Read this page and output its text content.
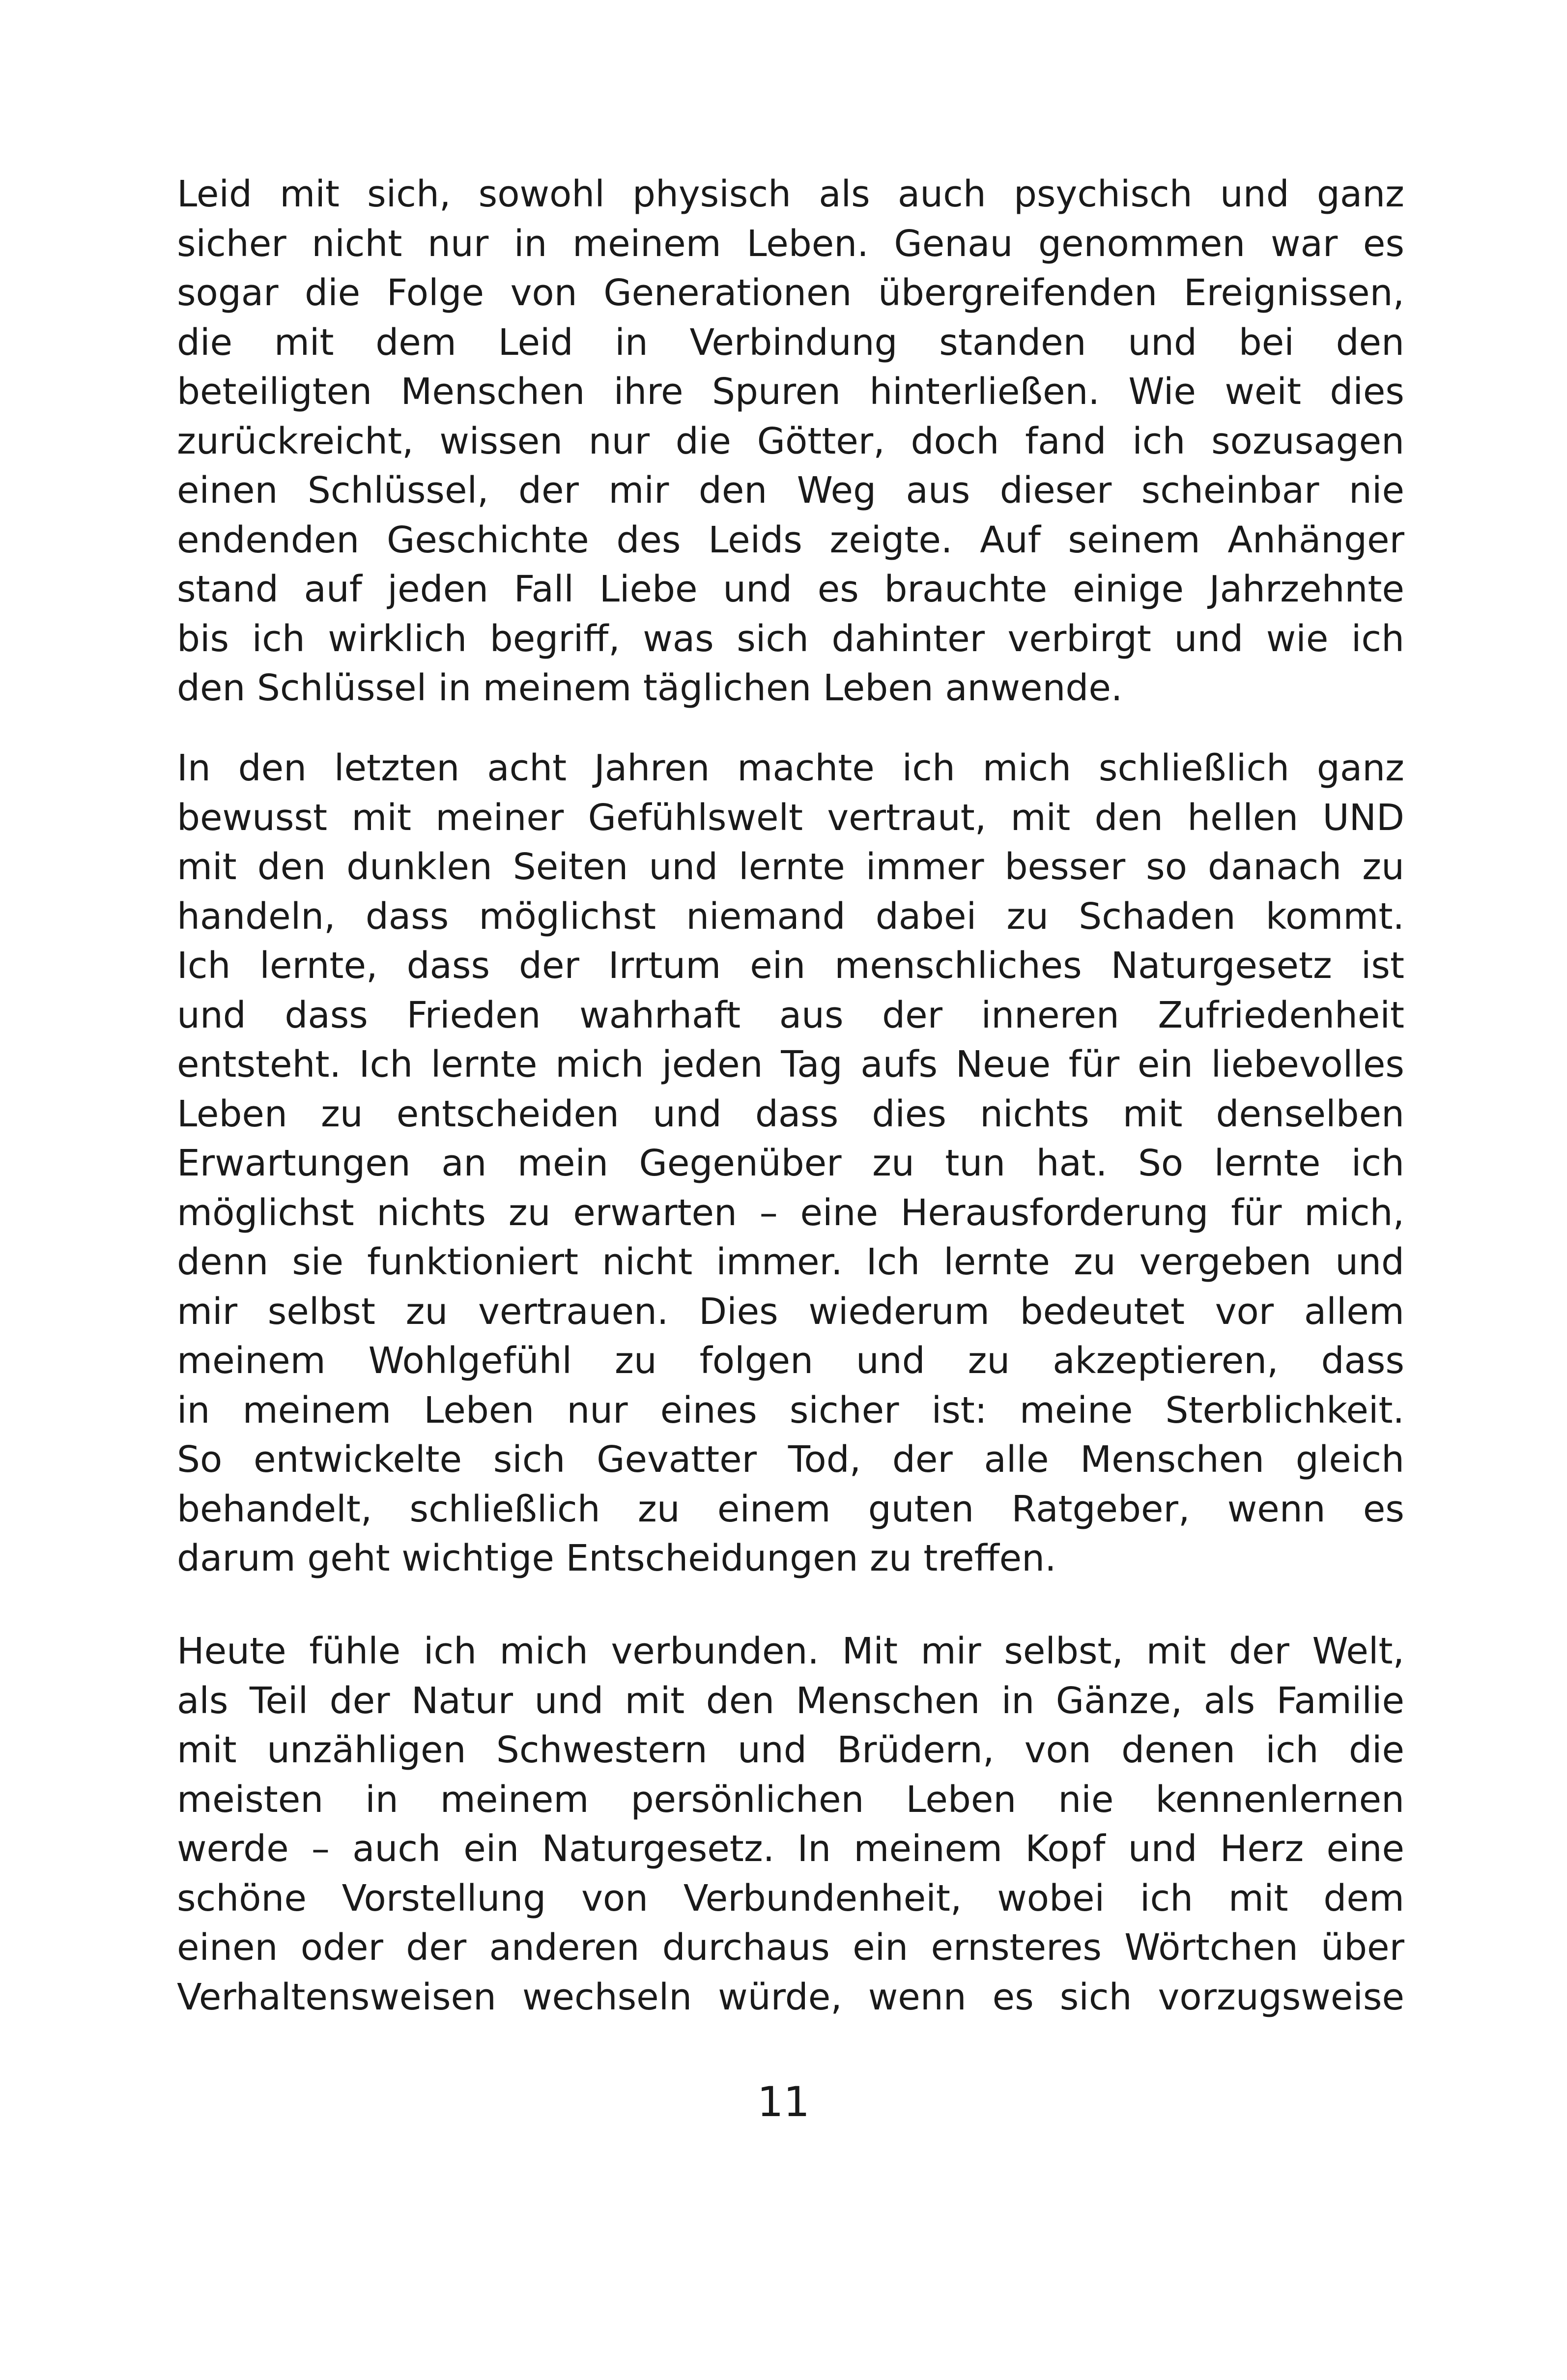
Leid mit sich, sowohl physisch als auch psychisch und ganz
sicher nicht nur in meinem Leben. Genau genommen war es
sogar die Folge von Generationen übergreifenden Ereignissen,
die mit dem Leid in Verbindung standen und bei den
beteiligten Menschen ihre Spuren hinterließen. Wie weit dies
zurückreicht, wissen nur die Götter, doch fand ich sozusagen
einen Schlüssel, der mir den Weg aus dieser scheinbar nie
endenden Geschichte des Leids zeigte. Auf seinem Anhänger
stand auf jeden Fall Liebe und es brauchte einige Jahrzehnte
bis ich wirklich begriff, was sich dahinter verbirgt und wie ich
den Schlüssel in meinem täglichen Leben anwende.
In den letzten acht Jahren machte ich mich schließlich ganz
bewusst mit meiner Gefühlswelt vertraut, mit den hellen UND
mit den dunklen Seiten und lernte immer besser so danach zu
handeln, dass möglichst niemand dabei zu Schaden kommt.
Ich lernte, dass der Irrtum ein menschliches Naturgesetz ist
und dass Frieden wahrhaft aus der inneren Zufriedenheit
entsteht. Ich lernte mich jeden Tag aufs Neue für ein liebevolles
Leben zu entscheiden und dass dies nichts mit denselben
Erwartungen an mein Gegenüber zu tun hat. So lernte ich
möglichst nichts zu erwarten – eine Herausforderung für mich,
denn sie funktioniert nicht immer. Ich lernte zu vergeben und
mir selbst zu vertrauen. Dies wiederum bedeutet vor allem
meinem Wohlgefühl zu folgen und zu akzeptieren, dass
in meinem Leben nur eines sicher ist: meine Sterblichkeit.
So entwickelte sich Gevatter Tod, der alle Menschen gleich
behandelt, schließlich zu einem guten Ratgeber, wenn es
darum geht wichtige Entscheidungen zu treffen.
Heute fühle ich mich verbunden. Mit mir selbst, mit der Welt,
als Teil der Natur und mit den Menschen in Gänze, als Familie
mit unzähligen Schwestern und Brüdern, von denen ich die
meisten in meinem persönlichen Leben nie kennenlernen
werde – auch ein Naturgesetz. In meinem Kopf und Herz eine
schöne Vorstellung von Verbundenheit, wobei ich mit dem
einen oder der anderen durchaus ein ernsteres Wörtchen über
Verhaltensweisen wechseln würde, wenn es sich vorzugsweise
11
